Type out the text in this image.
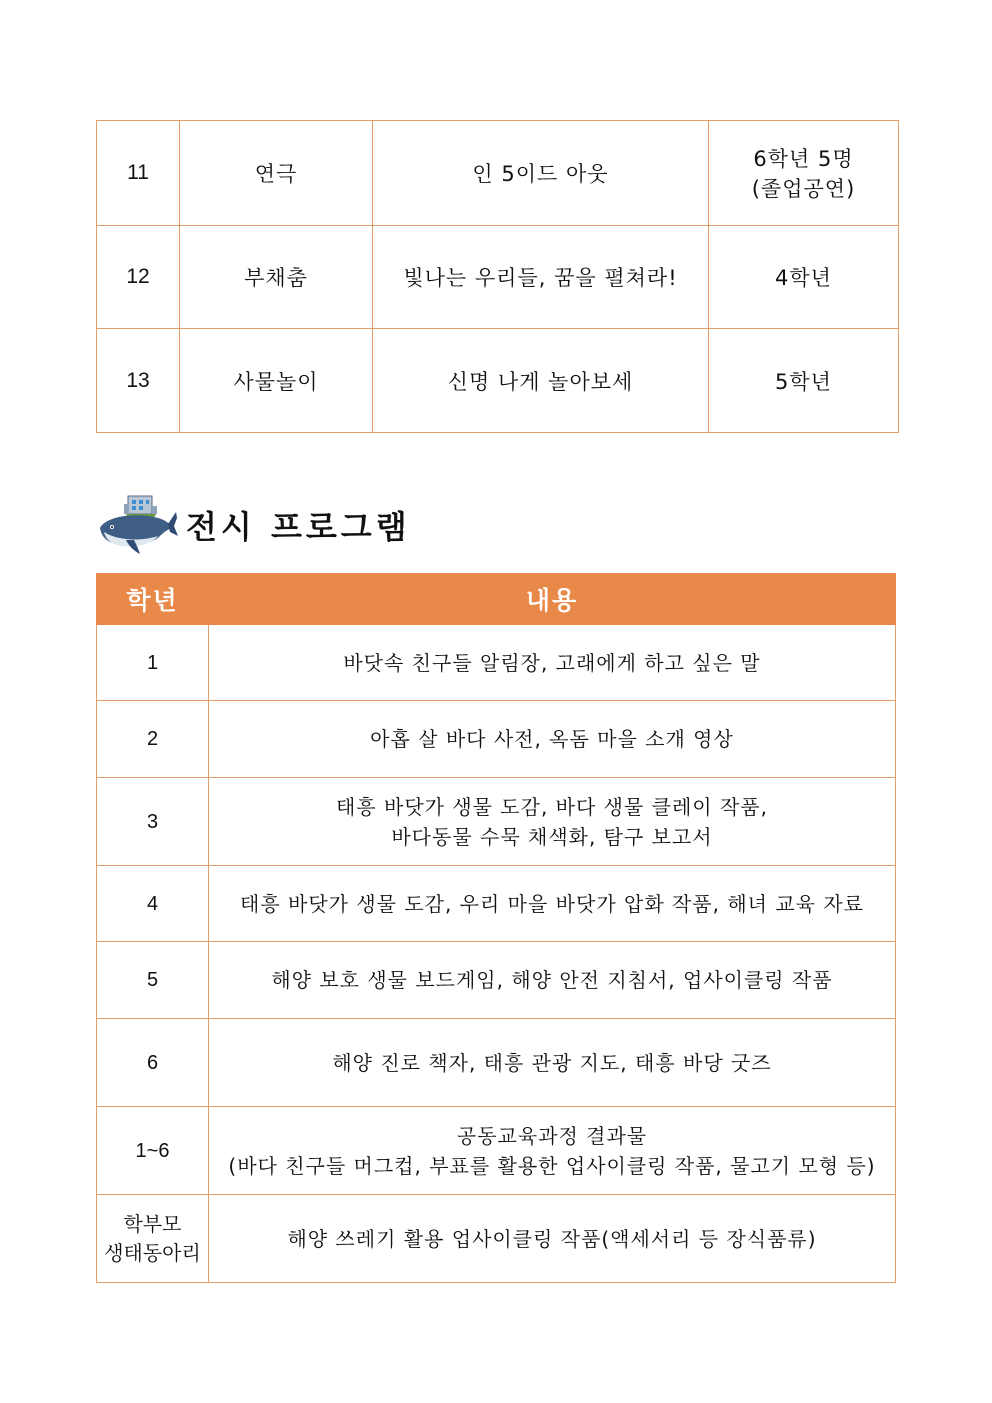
11	연극	인 5이드 아웃	6학년 5명
(졸업공연)

12	부채춤	빛나는 우리들, 꿈을 펼쳐라!	4학년

13	사물놀이	신명 나게 놀아보세	5학년
전시 프로그램
학년	내용
1	바닷속 친구들 알림장, 고래에게 하고 싶은 말

2	아홉 살 바다 사전, 옥돔 마을 소개 영상

3	태흥 바닷가 생물 도감, 바다 생물 클레이 작품,
바다동물 수묵 채색화, 탐구 보고서

4	태흥 바닷가 생물 도감, 우리 마을 바닷가 압화 작품, 해녀 교육 자료

5	해양 보호 생물 보드게임, 해양 안전 지침서, 업사이클링 작품

6	해양 진로 책자, 태흥 관광 지도, 태흥 바당 굿즈

1~6	공동교육과정 결과물
(바다 친구들 머그컵, 부표를 활용한 업사이클링 작품, 물고기 모형 등)

학부모
생태동아리	해양 쓰레기 활용 업사이클링 작품(액세서리 등 장식품류)
